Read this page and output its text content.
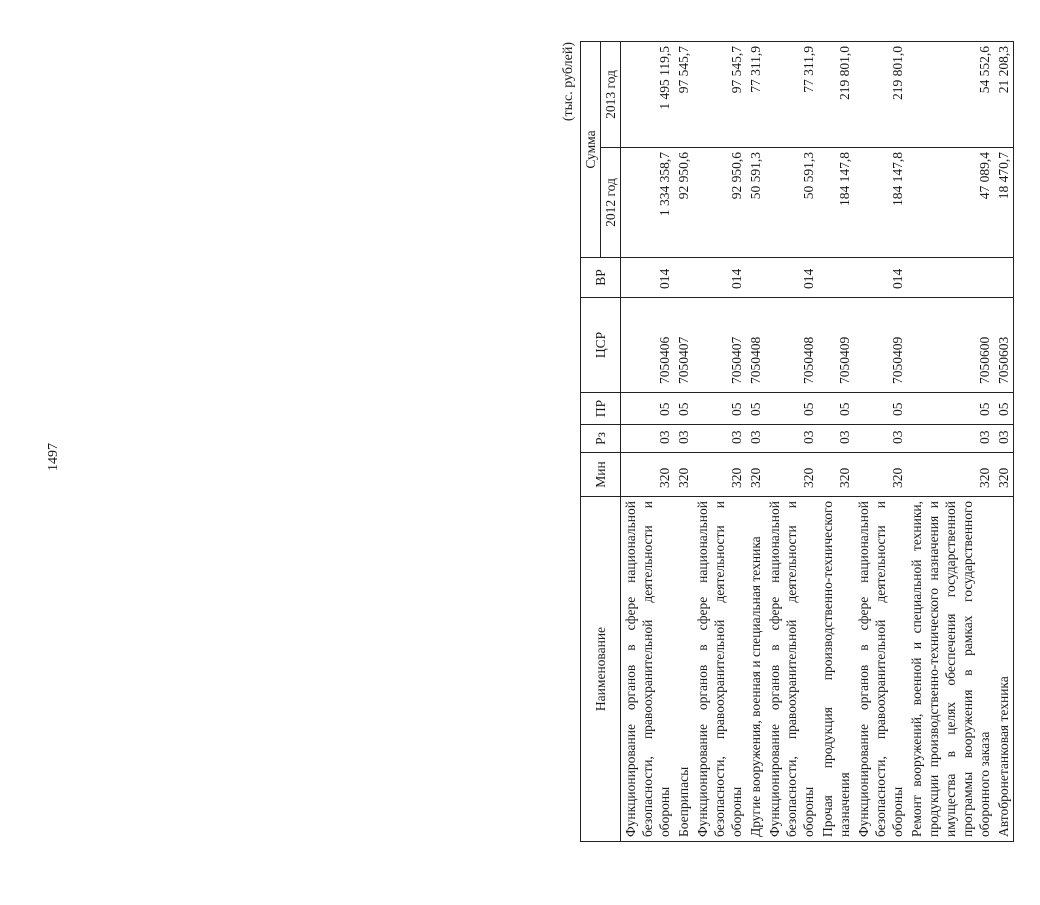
1497
(тыс. рублей)
Наименование	Мин	Рз	ПР	ЦСР	ВР	Сумма	
						2012 год	2013 год
Функционирование органов в сфере национальной безопасности, правоохранительной деятельности и обороны	320	03	05	7050406	014	1 334 358,7	1 495 119,5
Боеприпасы	320	03	05	7050407		92 950,6	97 545,7
Функционирование органов в сфере национальной безопасности, правоохранительной деятельности и обороны	320	03	05	7050407	014	92 950,6	97 545,7
Другие вооружения, военная и специальная техника	320	03	05	7050408		50 591,3	77 311,9
Функционирование органов в сфере национальной безопасности, правоохранительной деятельности и обороны	320	03	05	7050408	014	50 591,3	77 311,9
Прочая продукция производственно-технического назначения	320	03	05	7050409		184 147,8	219 801,0
Функционирование органов в сфере национальной безопасности, правоохранительной деятельности и обороны	320	03	05	7050409	014	184 147,8	219 801,0
Ремонт вооружений, военной и специальной техники, продукции производственно-технического назначения и имущества в целях обеспечения государственной программы вооружения в рамках государственного оборонного заказа	320	03	05	7050600		47 089,4	54 552,6
Автобронетанковая техника	320	03	05	7050603		18 470,7	21 208,3
